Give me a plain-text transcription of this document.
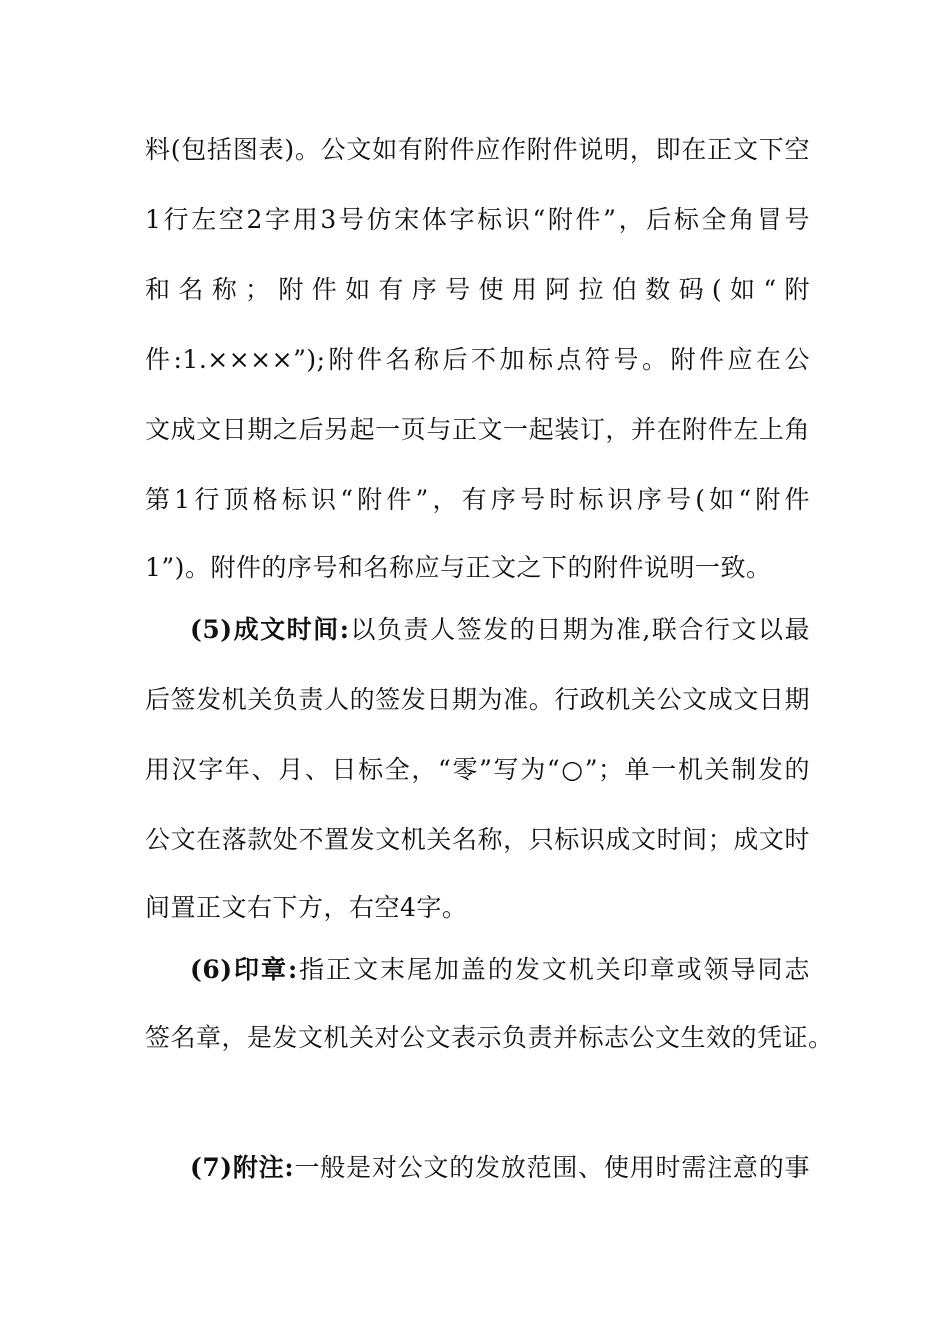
料(包括图表)。公文如有附件应作附件说明，即在正文下空
1行左空2字用3号仿宋体字标识“附件”，后标全角冒号
和名称；附件如有序号使用阿拉伯数码(如“附
件:1.××××”);附件名称后不加标点符号。附件应在公
文成文日期之后另起一页与正文一起装订，并在附件左上角
第1行顶格标识“附件”，有序号时标识序号(如“附件
1”)。附件的序号和名称应与正文之下的附件说明一致。
(5)成文时间:以负责人签发的日期为准,联合行文以最
后签发机关负责人的签发日期为准。行政机关公文成文日期
用汉字年、月、日标全，“零”写为“○”；单一机关制发的
公文在落款处不置发文机关名称，只标识成文时间；成文时
间置正文右下方，右空4字。
(6)印章:指正文末尾加盖的发文机关印章或领导同志
签名章，是发文机关对公文表示负责并标志公文生效的凭证。
(7)附注:一般是对公文的发放范围、使用时需注意的事
